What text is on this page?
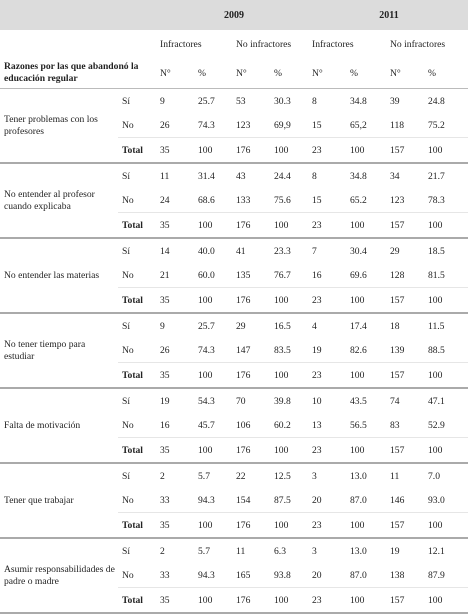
		2009				2011			
		Infractores		No infractores		Infractores		No infractores	
Razones por las que abandonó la educación regular		N°	%	N°	%	N°	%	N°	%
Tener problemas con los profesores	Sí	9	25.7	53	30.3	8	34.8	39	24.8
	No	26	74.3	123	69,9	15	65,2	118	75.2
	Total	35	100	176	100	23	100	157	100
No entender al profesor cuando explicaba	Sí	11	31.4	43	24.4	8	34.8	34	21.7
	No	24	68.6	133	75.6	15	65.2	123	78.3
	Total	35	100	176	100	23	100	157	100
No entender las materias	Sí	14	40.0	41	23.3	7	30.4	29	18.5
	No	21	60.0	135	76.7	16	69.6	128	81.5
	Total	35	100	176	100	23	100	157	100
No tener tiempo para estudiar	Sí	9	25.7	29	16.5	4	17.4	18	11.5
	No	26	74.3	147	83.5	19	82.6	139	88.5
	Total	35	100	176	100	23	100	157	100
Falta de motivación	Sí	19	54.3	70	39.8	10	43.5	74	47.1
	No	16	45.7	106	60.2	13	56.5	83	52.9
	Total	35	100	176	100	23	100	157	100
Tener que trabajar	Sí	2	5.7	22	12.5	3	13.0	11	7.0
	No	33	94.3	154	87.5	20	87.0	146	93.0
	Total	35	100	176	100	23	100	157	100
Asumir responsabilidades de padre o madre	Sí	2	5.7	11	6.3	3	13.0	19	12.1
	No	33	94.3	165	93.8	20	87.0	138	87.9
	Total	35	100	176	100	23	100	157	100
